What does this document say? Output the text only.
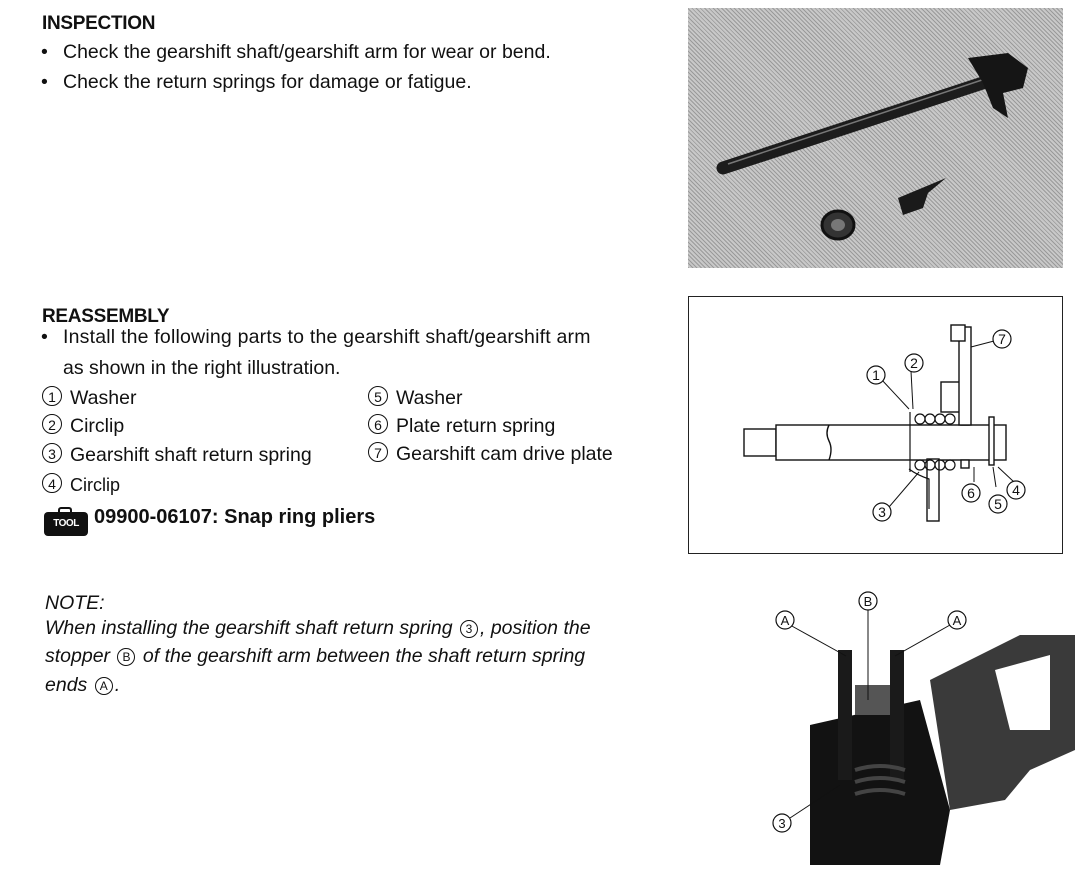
INSPECTION
• Check the gearshift shaft/gearshift arm for wear or bend.
• Check the return springs for damage or fatigue.
REASSEMBLY
• Install the following parts to the gearshift shaft/gearshift arm
as shown in the right illustration.
1 Washer
2 Circlip
3 Gearshift shaft return spring
4 Circlip
5 Washer
6 Plate return spring
7 Gearshift cam drive plate
TOOL 09900-06107: Snap ring pliers
NOTE:
When installing the gearshift shaft return spring 3 , position the
stopper B of the gearshift arm between the shaft return spring
ends A .
1
2
3
4
5
6
7
A
B
A
3
